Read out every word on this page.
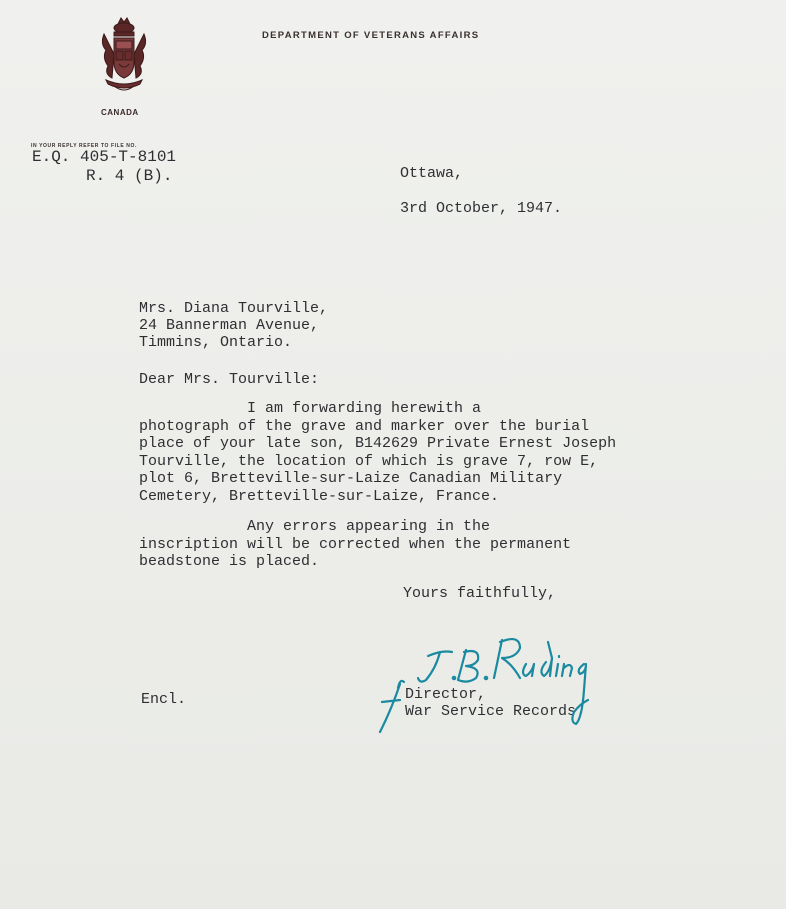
CANADA
DEPARTMENT OF VETERANS AFFAIRS
IN YOUR REPLY REFER TO FILE NO.
E.Q. 405-T-8101
R. 4 (B).	Ottawa,
3rd October, 1947.
Mrs. Diana Tourville,
24 Bannerman Avenue,
Timmins, Ontario.
Dear Mrs. Tourville:
I am forwarding herewith a
photograph of the grave and marker over the burial
place of your late son, B142629 Private Ernest Joseph
Tourville, the location of which is grave 7, row E,
plot 6, Bretteville-sur-Laize Canadian Military
Cemetery, Bretteville-sur-Laize, France.
Any errors appearing in the
inscription will be corrected when the permanent
beadstone is placed.
Yours faithfully,
Encl.	Director,
War Service Records.
